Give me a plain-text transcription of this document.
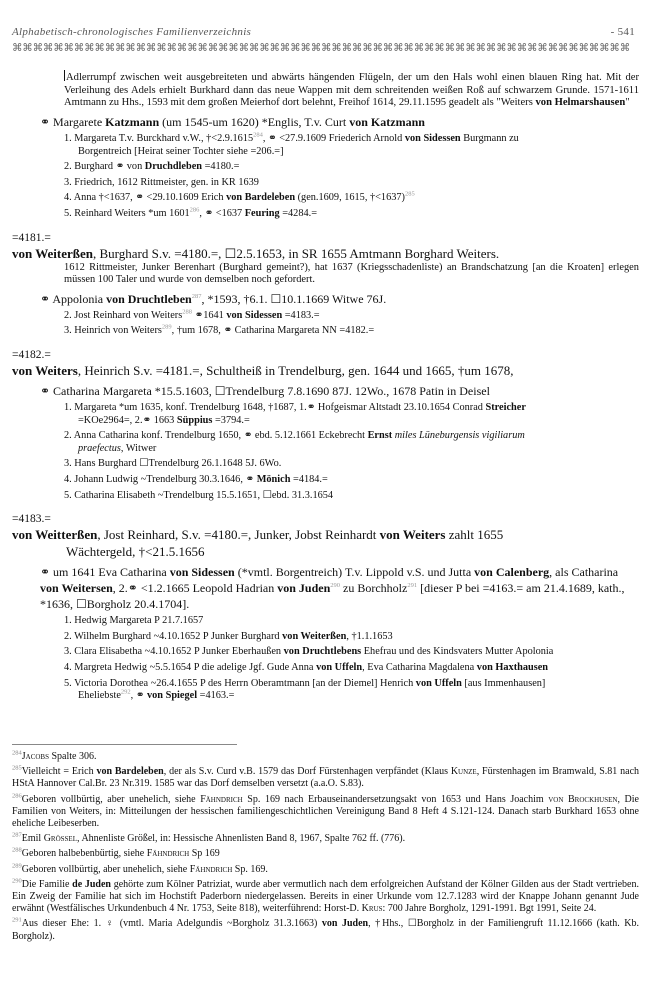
Alphabetisch-chronologisches Familienverzeichnis	- 541
⌘⌘⌘⌘⌘⌘⌘⌘⌘⌘⌘⌘⌘⌘⌘⌘⌘⌘⌘⌘⌘⌘⌘⌘⌘⌘⌘⌘⌘⌘⌘⌘⌘⌘⌘⌘⌘⌘⌘⌘⌘⌘⌘⌘⌘⌘⌘⌘⌘⌘⌘⌘⌘⌘⌘⌘⌘⌘⌘⌘
Adlerrumpf zwischen weit ausgebreiteten und abwärts hängenden Flügeln, der um den Hals wohl einen blauen Ring hat. Mit der Verleihung des Adels erhielt Burkhard dann das neue Wappen mit dem schreitenden weißen Roß auf schwarzem Grunde. 1571-1611 Amtmann zu Hhs., 1593 mit dem großen Meierhof dort belehnt, Freihof 1614, 29.11.1595 geadelt als "Weiters von Helmarshausen"
⚭ Margarete Katzmann (um 1545-um 1620) *Englis, T.v. Curt von Katzmann
1. Margareta T.v. Burckhard v.W., $\dagger<2.9.1615^{284}$, ⚭ <27.9.1609 Friederich Arnold von Sidessen Burgmann zu
Borgentreich [Heirat seiner Tochter siehe =206.=]
2. Burghard ⚭ von Druchdleben =4180.=
3. Friedrich, 1612 Rittmeister, gen. in KR 1639
4. Anna †<1637, ⚭ <29.10.1609 Erich von Bardeleben (gen.1609, 1615, †<1637)$^{285}$
5. Reinhard Weiters *um 1601$^{286}$, ⚭ <1637 Feuring =4284.=
=4181.=
von Weiterßen, Burghard S.v. =4180.=, ☐2.5.1653, in SR 1655 Amtmann Borghard Weiters.
1612 Rittmeister, Junker Berenhart (Burghard gemeint?), hat 1637 (Kriegsschadenliste) an Brandschatzung [an die Kroaten] erlegen müssen 100 Taler und wurde von demselben noch gefordert.
⚭ Appolonia von Druchtleben$^{287}$, *1593, †6.1. ☐10.1.1669 Witwe 76J.
2. Jost Reinhard von Weiters$^{288}$ ⚭1641 von Sidessen =4183.=
3. Heinrich von Weiters$^{289}$, †um 1678, ⚭ Catharina Margareta NN =4182.=
=4182.=
von Weiters, Heinrich S.v. =4181.=, Schultheiß in Trendelburg, gen. 1644 und 1665, †um 1678,
⚭ Catharina Margareta *15.5.1603, ☐Trendelburg 7.8.1690 87J. 12Wo., 1678 Patin in Deisel
1. Margareta *um 1635, konf. Trendelburg 1648, †1687, 1.⚭ Hofgeismar Altstadt 23.10.1654 Conrad Streicher
=KOe2964=, 2.⚭ 1663 Süppius =3794.=
2. Anna Catharina konf. Trendelburg 1650, ⚭ ebd. 5.12.1661 Eckebrecht Ernst miles Lüneburgensis vigiliarum
praefectus, Witwer
3. Hans Burghard ☐Trendelburg 26.1.1648 5J. 6Wo.
4. Johann Ludwig ~Trendelburg 30.3.1646, ⚭ Mönich =4184.=
5. Catharina Elisabeth ~Trendelburg 15.5.1651, ☐ebd. 31.3.1654
=4183.=
von Weitterßen, Jost Reinhard, S.v. =4180.=, Junker, Jobst Reinhardt von Weiters zahlt 1655
Wächtergeld, †<21.5.1656
⚭ um 1641 Eva Catharina von Sidessen (*vmtl. Borgentreich) T.v. Lippold v.S. und Jutta von Calenberg, als Catharina von Weitersen, 2.⚭ <1.2.1665 Leopold Hadrian von Juden$^{290}$ zu Borchholz$^{291}$ [dieser P bei =4163.= am 21.4.1689, kath., *1636, ☐Borgholz 20.4.1704].
1. Hedwig Margareta P 21.7.1657
2. Wilhelm Burghard ~4.10.1652 P Junker Burghard von Weiterßen, †1.1.1653
3. Clara Elisabetha ~4.10.1652 P Junker Eberhaußen von Druchtlebens Ehefrau und des Kindsvaters Mutter Apolonia
4. Margreta Hedwig ~5.5.1654 P die adelige Jgf. Gude Anna von Uffeln, Eva Catharina Magdalena von Haxthausen
5. Victoria Dorothea ~26.4.1655 P des Herrn Oberamtmann [an der Diemel] Henrich von Uffeln [aus Immenhausen]
Eheliebste$^{292}$, ⚭ von Spiegel =4163.=
$^{284}$Jacobs Spalte 306.
$^{285}$Vielleicht = Erich von Bardeleben, der als S.v. Curd v.B. 1579 das Dorf Fürstenhagen verpfändet (Klaus Kunze, Fürstenhagen im Bramwald, S.81 nach HStA Hannover Cal.Br. 23 Nr.319. 1585 war das Dorf demselben versetzt (a.a.O. S.83).
$^{286}$Geboren vollbürtig, aber unehelich, siehe Fähndrich Sp. 169 nach Erbauseinandersetzungsakt von 1653 und Hans Joachim von Brockhusen, Die Familien von Weiters, in: Mitteilungen der hessischen familiengeschichtlichen Vereinigung Band 8 Heft 4 S.121-124. Danach starb Burkhard 1653 ohne eheliche Leibeserben.
$^{287}$Emil Grössel, Ahnenliste Größel, in: Hessische Ahnenlisten Band 8, 1967, Spalte 762 ff. (776).
$^{288}$Geboren halbebenbürtig, siehe Fähndrich Sp 169
$^{289}$Geboren vollbürtig, aber unehelich, siehe Fähndrich Sp. 169.
$^{290}$Die Familie de Juden gehörte zum Kölner Patriziat, wurde aber vermutlich nach dem erfolgreichen Aufstand der Kölner Gilden aus der Stadt vertrieben. Ein Zweig der Familie hat sich im Hochstift Paderborn niedergelassen. Bereits in einer Urkunde vom 12.7.1283 wird der Knappe Johann genannt Jude erwähnt (Westfälisches Urkundenbuch 4 Nr. 1753, Seite 818), weiterführend: Horst-D. Krus: 700 Jahre Borgholz, 1291-1991. Bgt 1991, Seite 24.
$^{291}$Aus dieser Ehe: 1. ♀ (vmtl. Maria Adelgundis ~Borgholz 31.3.1663) von Juden, †Hhs., ☐Borgholz in der Familiengruft 11.12.1666 (kath. Kb. Borgholz).
